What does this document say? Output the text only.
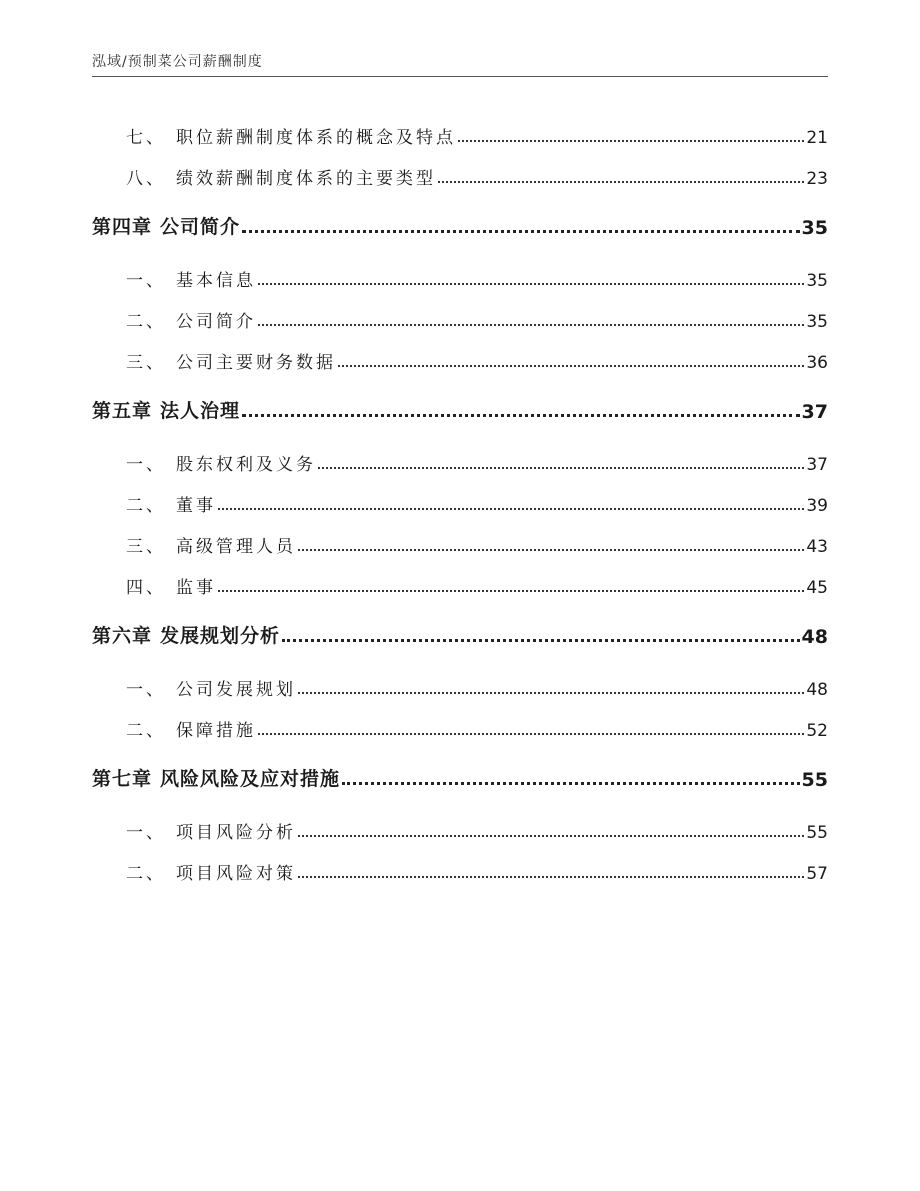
泓域/预制菜公司薪酬制度
七、 职位薪酬制度体系的概念及特点	21
八、 绩效薪酬制度体系的主要类型	23
第四章 公司简介	35
一、 基本信息	35
二、 公司简介	35
三、 公司主要财务数据	36
第五章 法人治理	37
一、 股东权利及义务	37
二、 董事	39
三、 高级管理人员	43
四、 监事	45
第六章 发展规划分析	48
一、 公司发展规划	48
二、 保障措施	52
第七章 风险风险及应对措施	55
一、 项目风险分析	55
二、 项目风险对策	57
